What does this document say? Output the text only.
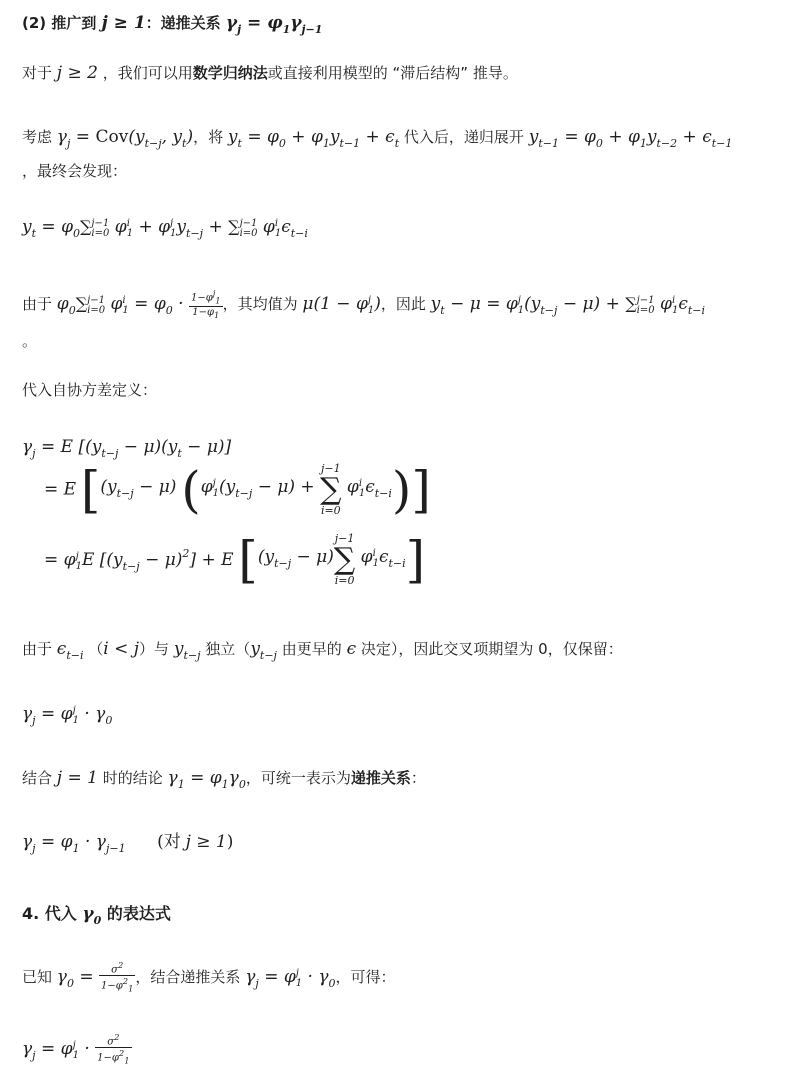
(2) 推广到 j ≥ 1：递推关系 $\gamma_j = \varphi_1\gamma_{j-1}$
对于 j ≥ 2 ，我们可以用数学归纳法或直接利用模型的 “滞后结构” 推导。
考虑 $\gamma_j = Cov(y_{t-j}$, $y_t$)，将 $y_t = \varphi_0 + \varphi_1y_{t-1} + \epsilon_t$ 代入后，递归展开 $y_{t-1} = \varphi_0 + \varphi_1y_{t-2} + \epsilon_{t-1}$
，最终会发现：
$y_t = \varphi_0\sum$ j−1
i=0 φ i
1 + φ j
1 $y_{t-j}$ + ∑ j−1
i=0 φ i
1 $\epsilon_{t-i}$
由于 $\varphi_0\sum$ j−1
i=0 φ i
$1 = \varphi_0 \cdot \frac{1-\varphi^j_1}{1-\varphi_1}$ ，其均值为 μ(1 − φ j
1 )，因此 $y_t - \mu = \varphi$ j
1 $(y_{t-j} - \mu)$ + ∑ j−1
i=0 φ i
1 $\epsilon_{t-i}$
。
代入自协方差定义：
$\gamma_j = E$ $[(y_{t-j} - \mu)(y_t - \mu)]$
= E [$(y_{t-j} - \mu)$ (φ j
1 $(y_{t-j} - \mu)$ +
j−1
∑
i=0
φ i
1 $\epsilon_{t-i}$)]
= φ j
1 E $[(y_{t-j} - \mu)^2] + E$ [$(y_{t-j} - \mu)$
j−1
∑
i=0
φ i
1 $\epsilon_{t-i}$]
由于 $\epsilon_{t-i}$ （i < j）与 $y_{t-j}$ 独立（$y_{t-j}$ 由更早的 ϵ 决定），因此交叉项期望为 0，仅保留：
$\gamma_j = \varphi$ j
$1 \cdot \gamma_0$
结合 j = 1 时的结论 $\gamma_1 = \varphi_1\gamma_0$，可统一表示为递推关系：
$\gamma_j = \varphi_1 \cdot \gamma_{j-1}$ (对 j ≥ 1)
4. 代入 $\gamma_0$ 的表达式
已知 $\gamma_0 = \frac{\sigma^2}{1-\varphi^2_1}$ ，结合递推关系 $\gamma_j = \varphi$ j
$1 \cdot \gamma_0$，可得：
$\gamma_j = \varphi$ j
$1 \cdot \frac{\sigma^2}{1-\varphi^2_1}$
